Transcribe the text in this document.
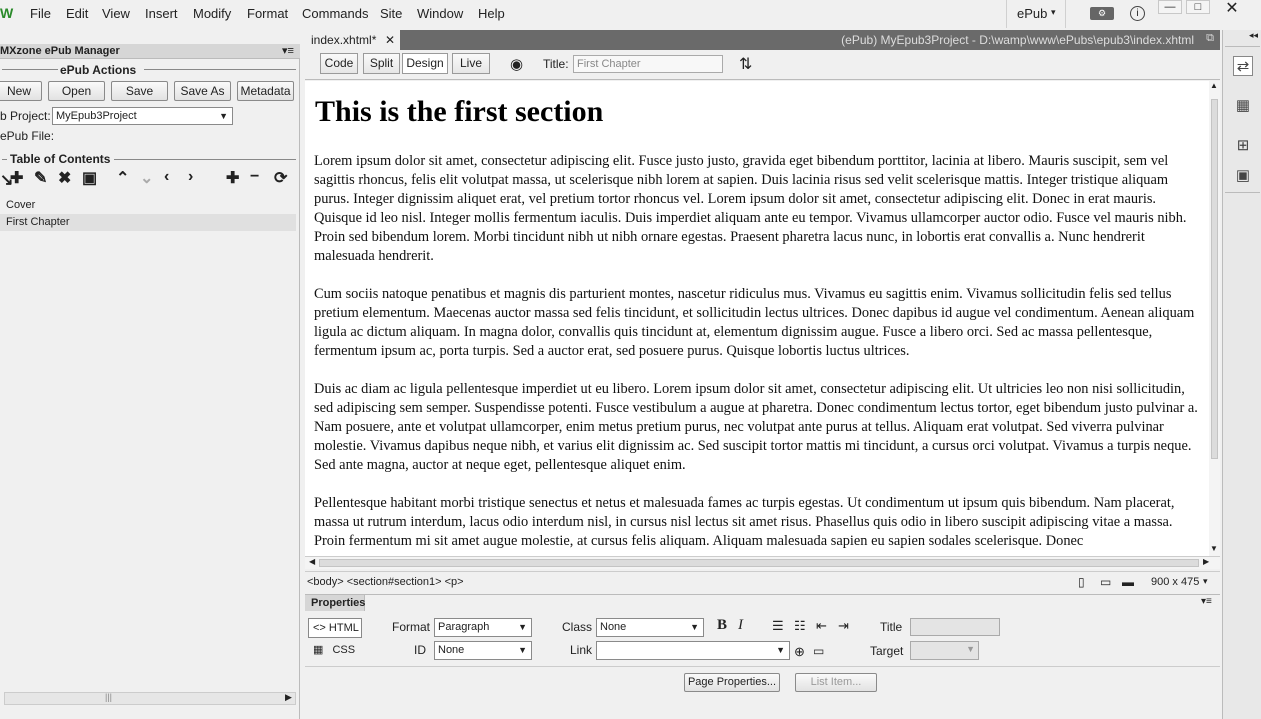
W File Edit View Insert Modify Format Commands Site Window Help	ePub ▾	⚙	i
—	□	✕
MXzone ePub Manager	▾≡
ePub Actions
New	Open	Save	Save As	Metadata
b Project: MyEpub3Project	▼
ePub File:
Table of Contents
↘
✚ ✎ ✖ ▣ ⌃ ⌄ ‹ › ✚ − ⟳
Cover
First Chapter
▶
|||
index.xhtml* ✕	(ePub) MyEpub3Project - D:\wamp\www\ePubs\epub3\index.xhtml ⧉
Code	Split	Design	Live	◉ Title:
First Chapter	⇅
This is the first section

Lorem ipsum dolor sit amet, consectetur adipiscing elit. Fusce justo justo, gravida eget bibendum porttitor, lacinia at libero. Mauris suscipit, sem vel sagittis rhoncus, felis elit volutpat massa, ut scelerisque nibh lorem at sapien. Duis lacinia risus sed velit scelerisque mattis. Integer tristique aliquam purus. Integer dignissim aliquet erat, vel pretium tortor rhoncus vel. Lorem ipsum dolor sit amet, consectetur adipiscing elit. Donec in erat mauris. Quisque id leo nisl. Integer mollis fermentum iaculis. Duis imperdiet aliquam ante eu tempor. Vivamus ullamcorper auctor odio. Fusce vel mauris nibh. Proin sed bibendum lorem. Morbi tincidunt nibh ut nibh ornare egestas. Praesent pharetra lacus nunc, in lobortis erat convallis a. Nunc hendrerit malesuada hendrerit.

Cum sociis natoque penatibus et magnis dis parturient montes, nascetur ridiculus mus. Vivamus eu sagittis enim. Vivamus sollicitudin felis sed tellus pretium elementum. Maecenas auctor massa sed felis tincidunt, et sollicitudin lectus ultrices. Donec dapibus id augue vel condimentum. Aenean aliquam ligula ac dictum aliquam. In magna dolor, convallis quis tincidunt at, elementum dignissim augue. Fusce a libero orci. Sed ac massa pellentesque, fermentum ipsum ac, porta turpis. Sed a auctor erat, sed posuere purus. Quisque lobortis luctus ultrices.

Duis ac diam ac ligula pellentesque imperdiet ut eu libero. Lorem ipsum dolor sit amet, consectetur adipiscing elit. Ut ultricies leo non nisi sollicitudin, sed adipiscing sem semper. Suspendisse potenti. Fusce vestibulum a augue at pharetra. Donec condimentum lectus tortor, eget bibendum justo pulvinar a. Nam posuere, ante et volutpat ullamcorper, enim metus pretium purus, nec volutpat ante purus at tellus. Aliquam erat volutpat. Sed viverra pulvinar molestie. Vivamus dapibus neque nibh, et varius elit dignissim ac. Sed suscipit tortor mattis mi tincidunt, a cursus orci volutpat. Vivamus a turpis neque. Sed ante magna, auctor at neque eget, pellentesque aliquet enim.

Pellentesque habitant morbi tristique senectus et netus et malesuada fames ac turpis egestas. Ut condimentum ut ipsum quis bibendum. Nam placerat, massa ut rutrum interdum, lacus odio interdum nisl, in cursus nisl lectus sit amet risus. Phasellus quis odio in libero suscipit adipiscing vitae a massa. Proin fermentum mi sit amet augue molestie, at cursus felis aliquam. Aliquam malesuada sapien eu sapien sodales scelerisque. Donec

▲
▼
◀	▶
<body> <section#section1> <p>	▯ ▭ ▬ 900 x 475 ▾
Properties	▾≡
<> HTML
▦ CSS
Format Paragraph	▼
ID	None	▼
Class None	▼
Link	▼ ⊕ ▭
B I ☰ ☷ ⇤ ⇥	Title
Target	▼
Page Properties...	List Item...
◂◂
⇄
▦
⊞
▣
